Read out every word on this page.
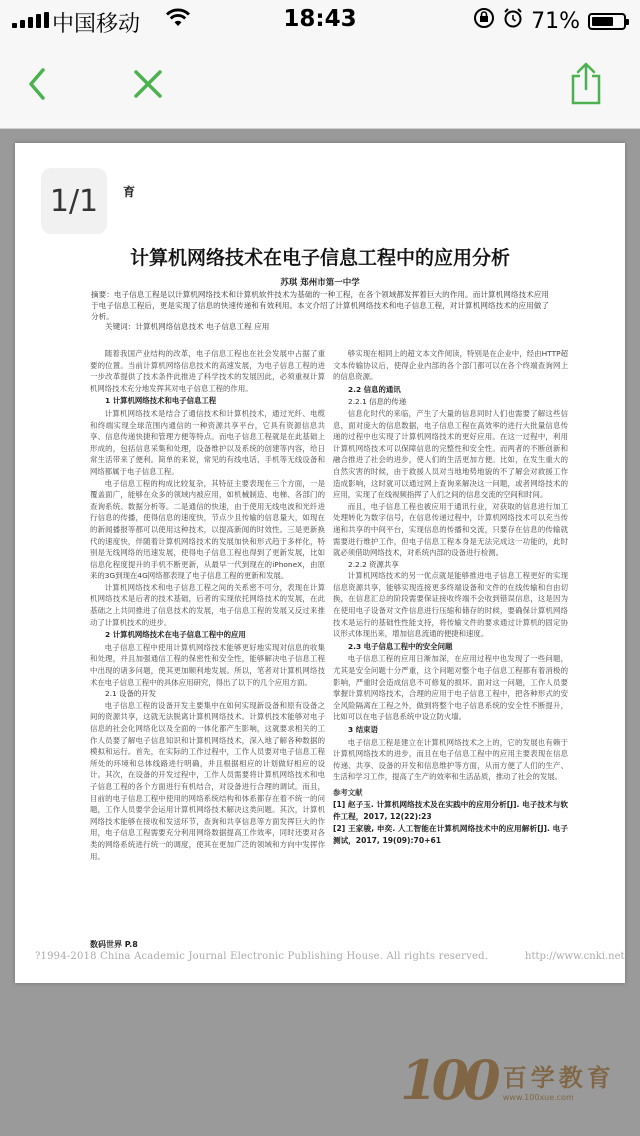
中国移动	18:43	71%
育
计算机网络技术在电子信息工程中的应用分析
苏琪 郑州市第一中学
摘要：电子信息工程是以计算机网络技术和计算机软件技术为基础的一种工程，在各个领域都发挥着巨大的作用。而计算机网络技术应用于电子信息工程后，更是实现了信息的快速传递和有效利用。本文介绍了计算机网络技术和电子信息工程，对计算机网络技术的应用做了分析。
关键词：计算机网络信息技术 电子信息工程 应用

随着我国产业结构的改革，电子信息工程也在社会发展中占据了重要的位置。当前计算机网络信息技术的高速发展，为电子信息工程的进一步改革提供了技术条件此推进了科学技术的发展因此，必须重视计算机网络技术充分地发挥其对电子信息工程的作用。

1 计算机网络技术和电子信息工程

计算机网络技术是结合了通信技术和计算机技术，通过光纤、电缆和终端实现全球范围内通信的一种资源共享平台，它具有资源信息共享、信息传递快捷和管理方便等特点。而电子信息工程就是在此基础上形成的，包括信息采集和处理，设备维护以及系统的创建等内容，给日常生活带来了便利。简单的来说，常见的有线电话、手机等无线设备和网络都属于电子信息工程。

电子信息工程的构成比较复杂，其特征主要表现在三个方面，一是覆盖面广，能够在众多的领域内被应用，如机械制造、电梯、各部门的查询系统、数据分析等。二是通信的快速，由于使用无线电波和光纤进行信息的传播，使得信息的速度快，节点少且传输的信息量大，如现在的新闻播报等都可以使用这种技术，以提高新闻的时效性。三是更新换代的速度快，伴随着计算机网络技术的发展加快和形式趋于多样化，特别是无线网络的迅速发展，使得电子信息工程也得到了更新发展，比如信息化程度提升的手机不断更新，从最早一代到现在的iPhoneX，由原来的3G到现在4G网络都表现了电子信息工程的更新和发展。

计算机网络技术和电子信息工程之间的关系密不可分，表现在计算机网络技术是后者的技术基础，后者的实现依托网络技术的发展，在此基础之上共同推进了信息技术的发展，电子信息工程的发展又反过来推动了计算机技术的进步。

2 计算机网络技术在电子信息工程中的应用

电子信息工程中使用计算机网络技术能够更好地实现对信息的收集和处理，并且加强通信工程的保密性和安全性，能够解决电子信息工程中出现的诸多问题，使其更加顺利地发展。所以，笔者对计算机网络技术在电子信息工程中的具体应用研究，得出了以下的几个应用方面。

2.1 设备的开发

电子信息工程的设备开发主要集中在如何实现新设备和原有设备之间的资源共享，这就无法脱离计算机网络技术。计算机技术能够对电子信息的社会化网络化以及全面的一体化都产生影响，这就要求相关的工作人员要了解电子信息知识和计算机网络技术，深入地了解各种数据的模拟和运行。首先，在实际的工作过程中，工作人员要对电子信息工程所处的环境和总体线路进行明确，并且根据相应的计划做好相应的设计。其次，在设备的开发过程中，工作人员需要将计算机网络技术和电子信息工程的各个方面进行有机结合，对设备进行合理的调试。而且，目前的电子信息工程中使用的网络系统结构和体系都存在着不统一的问题，工作人员要学会运用计算机网络技术解决这类问题。其次，计算机网络技术能够在接收和发送环节，查询和共享信息等方面发挥巨大的作用，电子信息工程需要充分利用网络数据提高工作效率，同时还要对各类的网络系统进行统一的调度，使其在更加广泛的领域和方向中发挥作用。

够实现在相同上的超文本文件阅读，特别是在企业中，经由HTTP超文本传输协议后，使得企业内部的各个部门都可以在各个终端查询网上的信息资源。

2.2 信息的通讯

2.2.1 信息的传递

信息化时代的来临，产生了大量的信息同时人们也需要了解这些信息，面对庞大的信息数据，电子信息工程在高效率的进行大批量信息传递的过程中也实现了计算机网络技术的更好应用。在这一过程中，利用计算机网络技术可以保障信息的完整性和安全性。而两者的不断创新和融合推进了社会的进步，使人们的生活更加方便。比如，在发生重大的自然灾害的时候，由于救援人员对当地地势地貌的不了解会对救援工作造成影响，这时就可以通过网上查询来解决这一问题，或者网络技术的应用，实现了在线视频指挥了人们之间的信息交流的空间和时间。

而且，电子信息工程也被应用于通讯行业，对获取的信息进行加工处理转化为数字信号，在信息传递过程中，计算机网络技术可以充当传递和共享的中间平台，实现信息的传播和交流，只要存在信息的传输就需要进行维护工作，但电子信息工程本身是无法完成这一功能的，此时就必须借助网络技术，对系统内部的设备进行检测。

2.2.2 资源共享

计算机网络技术的另一优点就是能够推进电子信息工程更好的实现信息资源共享，能够实现连接更多终端设备和文件的在线传输和自由切换，在信息汇总的阶段需要保证接收终端不会收到错误信息，这是因为在使用电子设备对文件信息进行压缩和储存的时候，要确保计算机网络技术是运行的基础性性能支持，将传输文件的要求通过计算机的固定协议形式体现出来，增加信息流通的便捷和速度。

2.3 电子信息工程中的安全问题

电子信息工程的应用日渐加深，在应用过程中也发现了一些问题，尤其是安全问题十分严重，这个问题对整个电子信息工程都有着消极的影响，严重时会造成信息不可修复的损坏。面对这一问题，工作人员要掌握计算机网络技术，合理的应用于电子信息工程中，把各种形式的安全风险隔离在工程之外，做到将整个电子信息系统的安全性不断提升，比如可以在电子信息系统中设立防火墙。

3 结束语

电子信息工程是建立在计算机网络技术之上的，它的发展也有赖于计算机网络技术的进步，而且在电子信息工程中的应用主要表现在信息传递、共享、设备的开发和信息维护等方面，从而方便了人们的生产、生活和学习工作，提高了生产的效率和生活品质，推动了社会的发展。

参考文献

[1] 赵子玉. 计算机网络技术及在实践中的应用分析[J]. 电子技术与软件工程，2017, 12(22):23

[2] 王家骏, 申奕. 人工智能在计算机网络技术中的应用解析[J]. 电子测试，2017, 19(09):70+61

数码世界 P.8
?1994-2018 China Academic Journal Electronic Publishing House. All rights reserved.	http://www.cnki.net
1/1
100 百学教育
www.100xue.com
